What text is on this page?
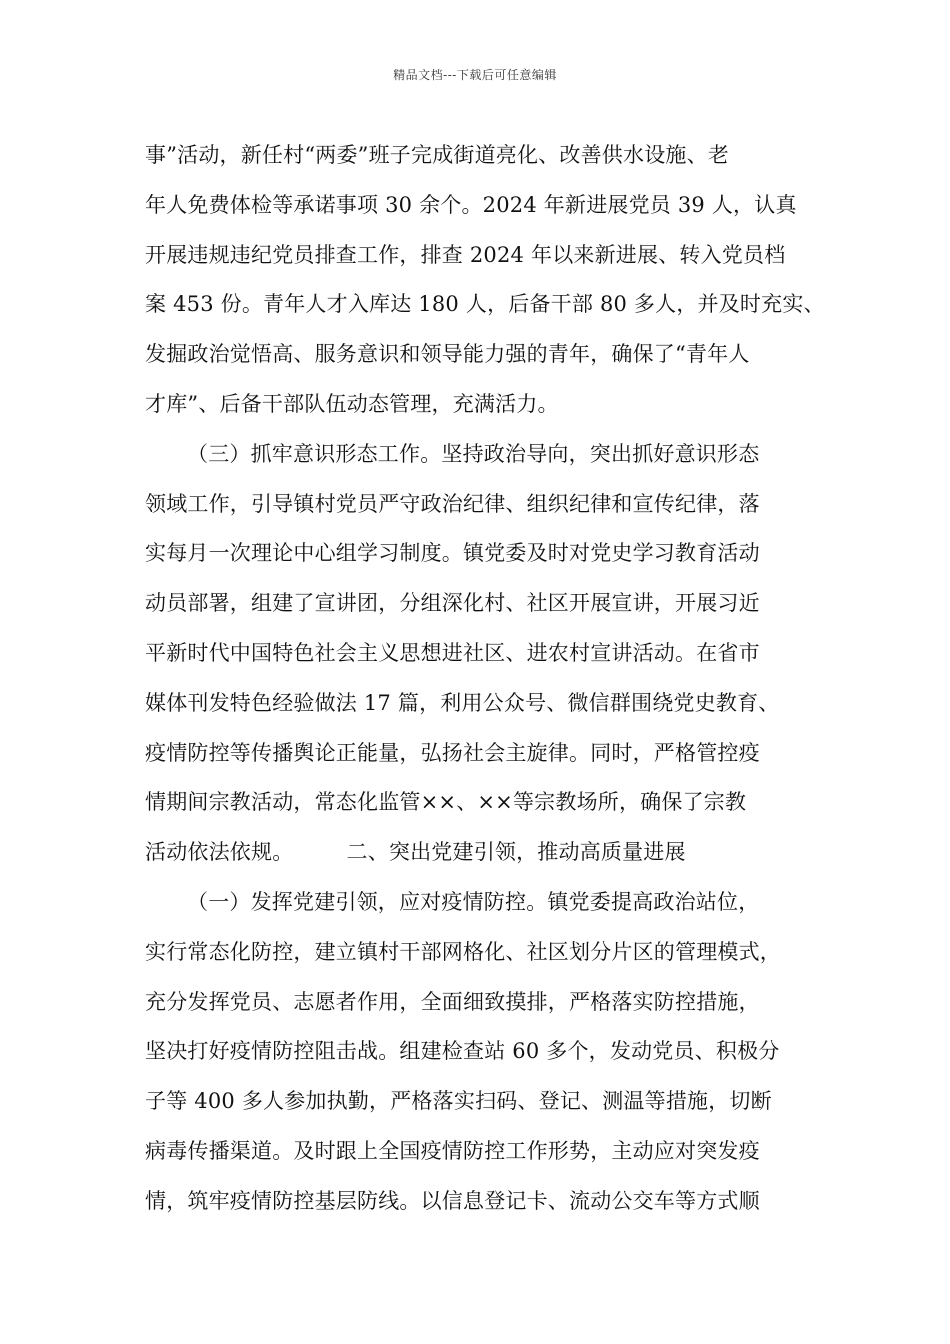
精品文档---下载后可任意编辑
事”活动，新任村“两委”班子完成街道亮化、改善供水设施、老
年人免费体检等承诺事项 30 余个。2024 年新进展党员 39 人，认真
开展违规违纪党员排查工作，排查 2024 年以来新进展、转入党员档
案 453 份。青年人才入库达 180 人，后备干部 80 多人，并及时充实、
发掘政治觉悟高、服务意识和领导能力强的青年，确保了“青年人
才库”、后备干部队伍动态管理，充满活力。
（三）抓牢意识形态工作。坚持政治导向，突出抓好意识形态
领域工作，引导镇村党员严守政治纪律、组织纪律和宣传纪律，落
实每月一次理论中心组学习制度。镇党委及时对党史学习教育活动
动员部署，组建了宣讲团，分组深化村、社区开展宣讲，开展习近
平新时代中国特色社会主义思想进社区、进农村宣讲活动。在省市
媒体刊发特色经验做法 17 篇，利用公众号、微信群围绕党史教育、
疫情防控等传播舆论正能量，弘扬社会主旋律。同时，严格管控疫
情期间宗教活动，常态化监管××、××等宗教场所，确保了宗教
活动依法依规。　　　二、突出党建引领，推动高质量进展
（一）发挥党建引领，应对疫情防控。镇党委提高政治站位，
实行常态化防控，建立镇村干部网格化、社区划分片区的管理模式，
充分发挥党员、志愿者作用，全面细致摸排，严格落实防控措施，
坚决打好疫情防控阻击战。组建检查站 60 多个，发动党员、积极分
子等 400 多人参加执勤，严格落实扫码、登记、测温等措施，切断
病毒传播渠道。及时跟上全国疫情防控工作形势，主动应对突发疫
情，筑牢疫情防控基层防线。以信息登记卡、流动公交车等方式顺
